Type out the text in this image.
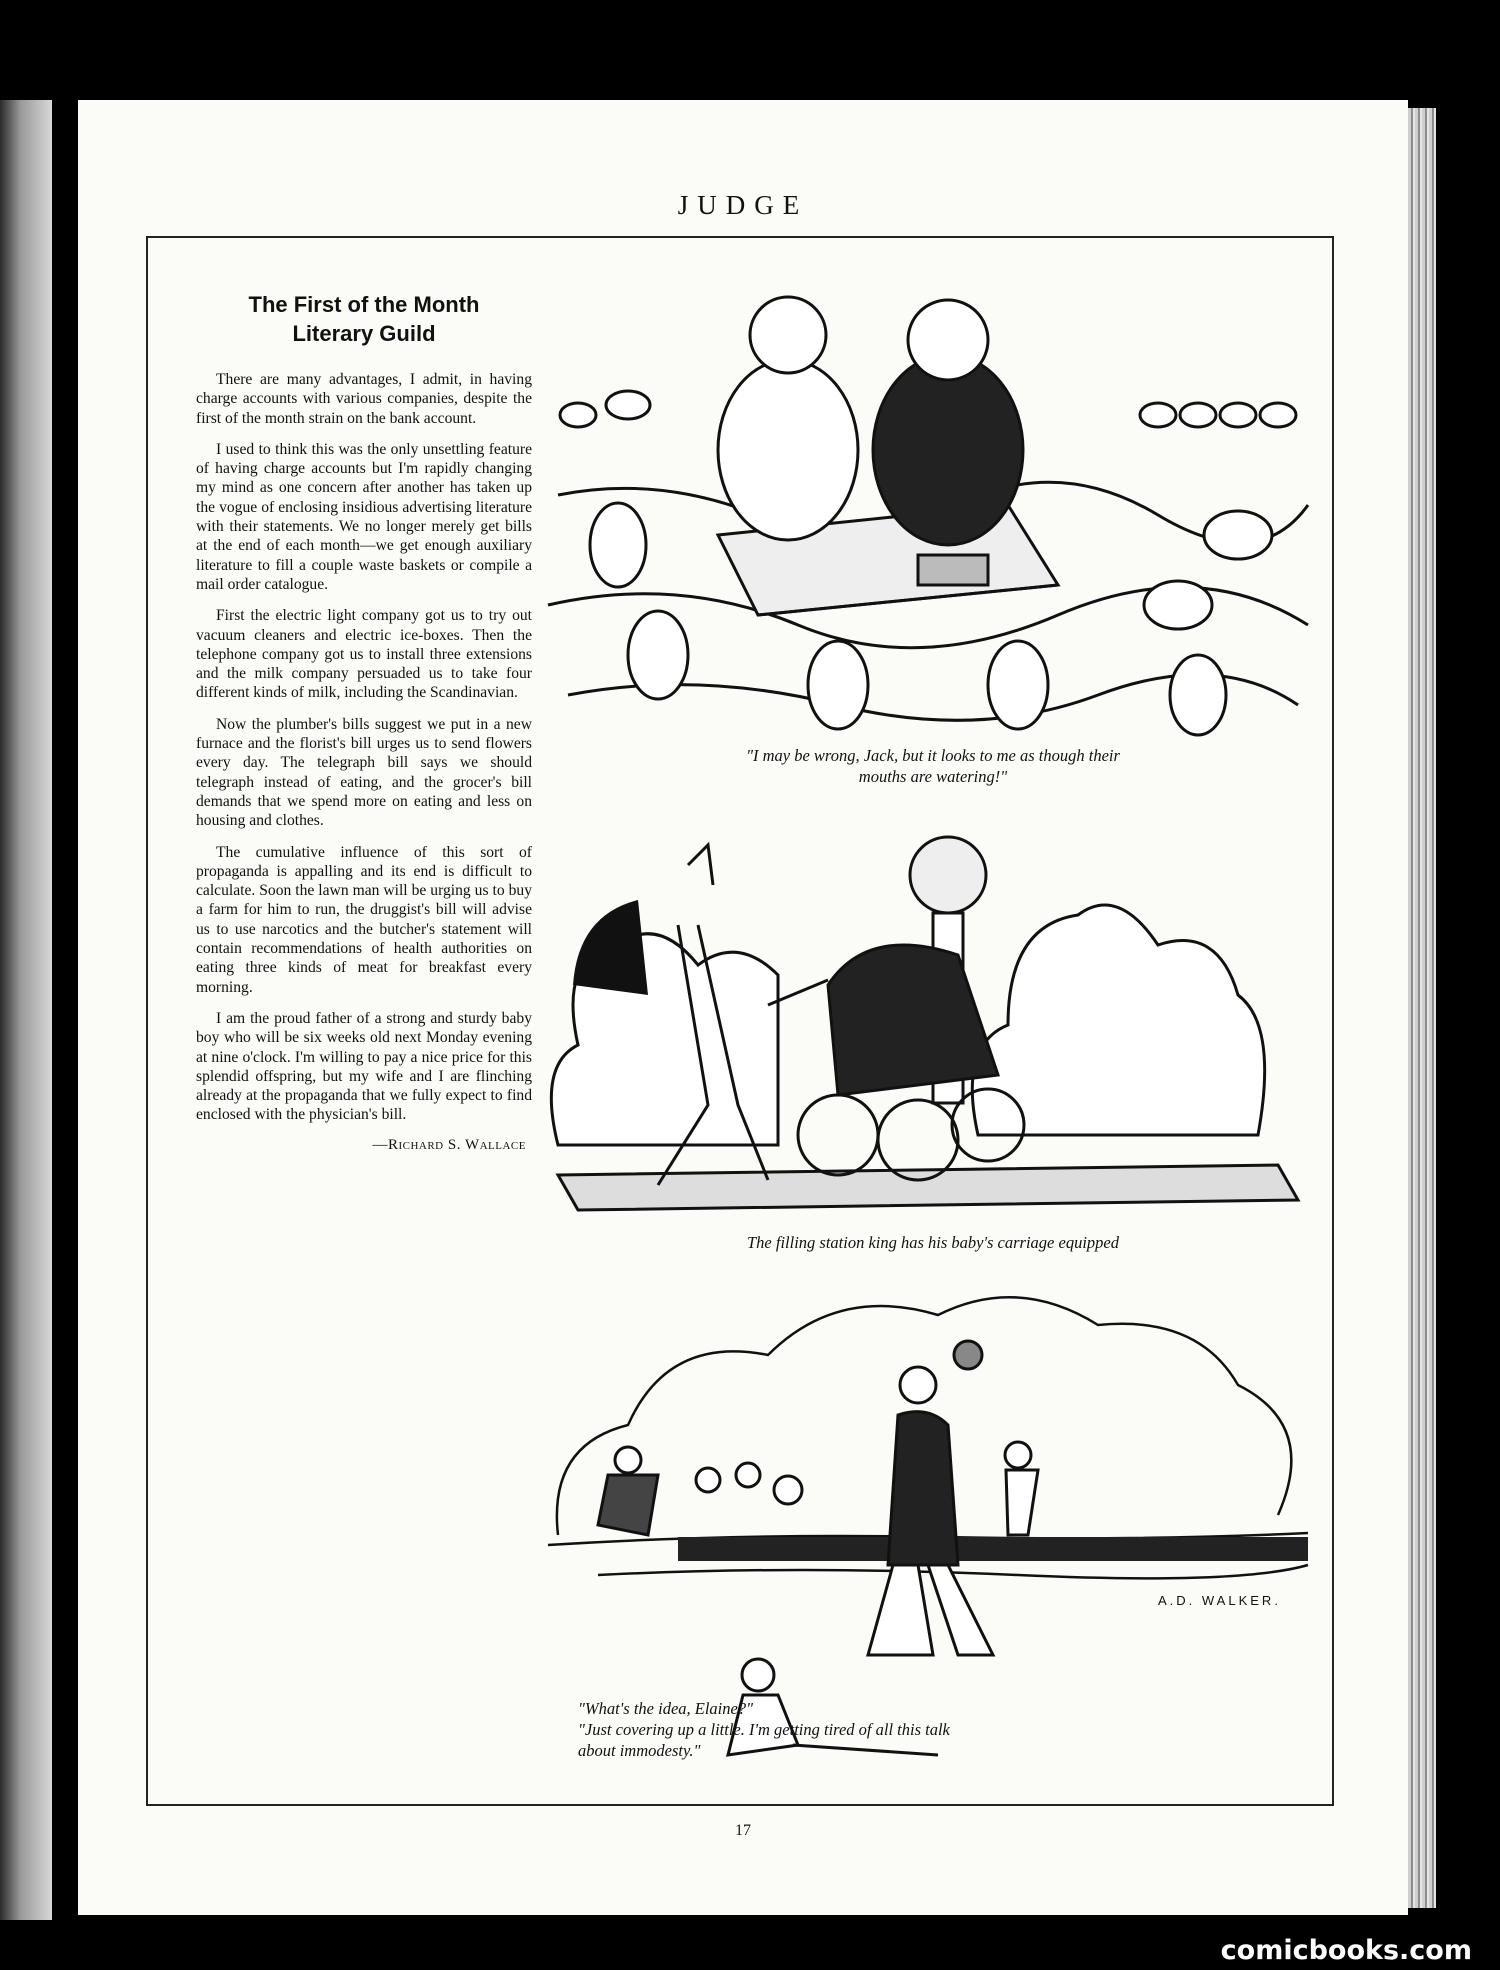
JUDGE
The First of the Month
Literary Guild

There are many advantages, I admit, in having charge accounts with various companies, despite the first of the month strain on the bank account.

I used to think this was the only unsettling feature of having charge accounts but I'm rapidly changing my mind as one concern after another has taken up the vogue of enclosing insidious advertising literature with their statements. We no longer merely get bills at the end of each month—we get enough auxiliary literature to fill a couple waste baskets or compile a mail order catalogue.

First the electric light company got us to try out vacuum cleaners and electric ice-boxes. Then the telephone company got us to install three extensions and the milk company persuaded us to take four different kinds of milk, including the Scandinavian.

Now the plumber's bills suggest we put in a new furnace and the florist's bill urges us to send flowers every day. The telegraph bill says we should telegraph instead of eating, and the grocer's bill demands that we spend more on eating and less on housing and clothes.

The cumulative influence of this sort of propaganda is appalling and its end is difficult to calculate. Soon the lawn man will be urging us to buy a farm for him to run, the druggist's bill will advise us to use narcotics and the butcher's statement will contain recommendations of health authorities on eating three kinds of meat for breakfast every morning.

I am the proud father of a strong and sturdy baby boy who will be six weeks old next Monday evening at nine o'clock. I'm willing to pay a nice price for this splendid offspring, but my wife and I are flinching already at the propaganda that we fully expect to find enclosed with the physician's bill.

—Richard S. Wallace
"I may be wrong, Jack, but it looks to me as though their
mouths are watering!"
The filling station king has his baby's carriage equipped
A.D. WALKER.
"What's the idea, Elaine?"
"Just covering up a little. I'm getting tired of all this talk
about immodesty."
17
comicbooks.com
